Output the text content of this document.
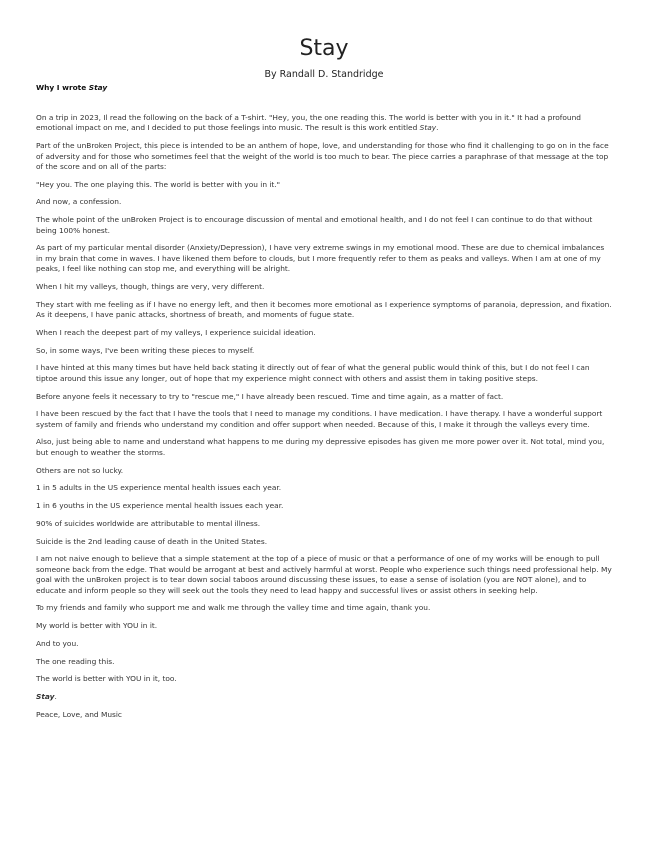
Stay
By Randall D. Standridge
Why I wrote Stay

On a trip in 2023, Il read the following on the back of a T-shirt. "Hey, you, the one reading this. The world is better with you in it." It had a profound emotional impact on me, and I decided to put those feelings into music. The result is this work entitled Stay.

Part of the unBroken Project, this piece is intended to be an anthem of hope, love, and understanding for those who find it challenging to go on in the face of adversity and for those who sometimes feel that the weight of the world is too much to bear. The piece carries a paraphrase of that message at the top of the score and on all of the parts:

"Hey you. The one playing this. The world is better with you in it."

And now, a confession.

The whole point of the unBroken Project is to encourage discussion of mental and emotional health, and I do not feel I can continue to do that without being 100% honest.

As part of my particular mental disorder (Anxiety/Depression), I have very extreme swings in my emotional mood. These are due to chemical imbalances in my brain that come in waves. I have likened them before to clouds, but I more frequently refer to them as peaks and valleys. When I am at one of my peaks, I feel like nothing can stop me, and everything will be alright.

When I hit my valleys, though, things are very, very different.

They start with me feeling as if I have no energy left, and then it becomes more emotional as I experience symptoms of paranoia, depression, and fixation. As it deepens, I have panic attacks, shortness of breath, and moments of fugue state.

When I reach the deepest part of my valleys, I experience suicidal ideation.

So, in some ways, I've been writing these pieces to myself.

I have hinted at this many times but have held back stating it directly out of fear of what the general public would think of this, but I do not feel I can tiptoe around this issue any longer, out of hope that my experience might connect with others and assist them in taking positive steps.

Before anyone feels it necessary to try to "rescue me," I have already been rescued. Time and time again, as a matter of fact.

I have been rescued by the fact that I have the tools that I need to manage my conditions. I have medication. I have therapy. I have a wonderful support system of family and friends who understand my condition and offer support when needed. Because of this, I make it through the valleys every time.

Also, just being able to name and understand what happens to me during my depressive episodes has given me more power over it. Not total, mind you, but enough to weather the storms.

Others are not so lucky.

1 in 5 adults in the US experience mental health issues each year.

1 in 6 youths in the US experience mental health issues each year.

90% of suicides worldwide are attributable to mental illness.

Suicide is the 2nd leading cause of death in the United States.

I am not naive enough to believe that a simple statement at the top of a piece of music or that a performance of one of my works will be enough to pull someone back from the edge. That would be arrogant at best and actively harmful at worst. People who experience such things need professional help. My goal with the unBroken project is to tear down social taboos around discussing these issues, to ease a sense of isolation (you are NOT alone), and to educate and inform people so they will seek out the tools they need to lead happy and successful lives or assist others in seeking help.

To my friends and family who support me and walk me through the valley time and time again, thank you.

My world is better with YOU in it.

And to you.

The one reading this.

The world is better with YOU in it, too.

Stay.

Peace, Love, and Music
